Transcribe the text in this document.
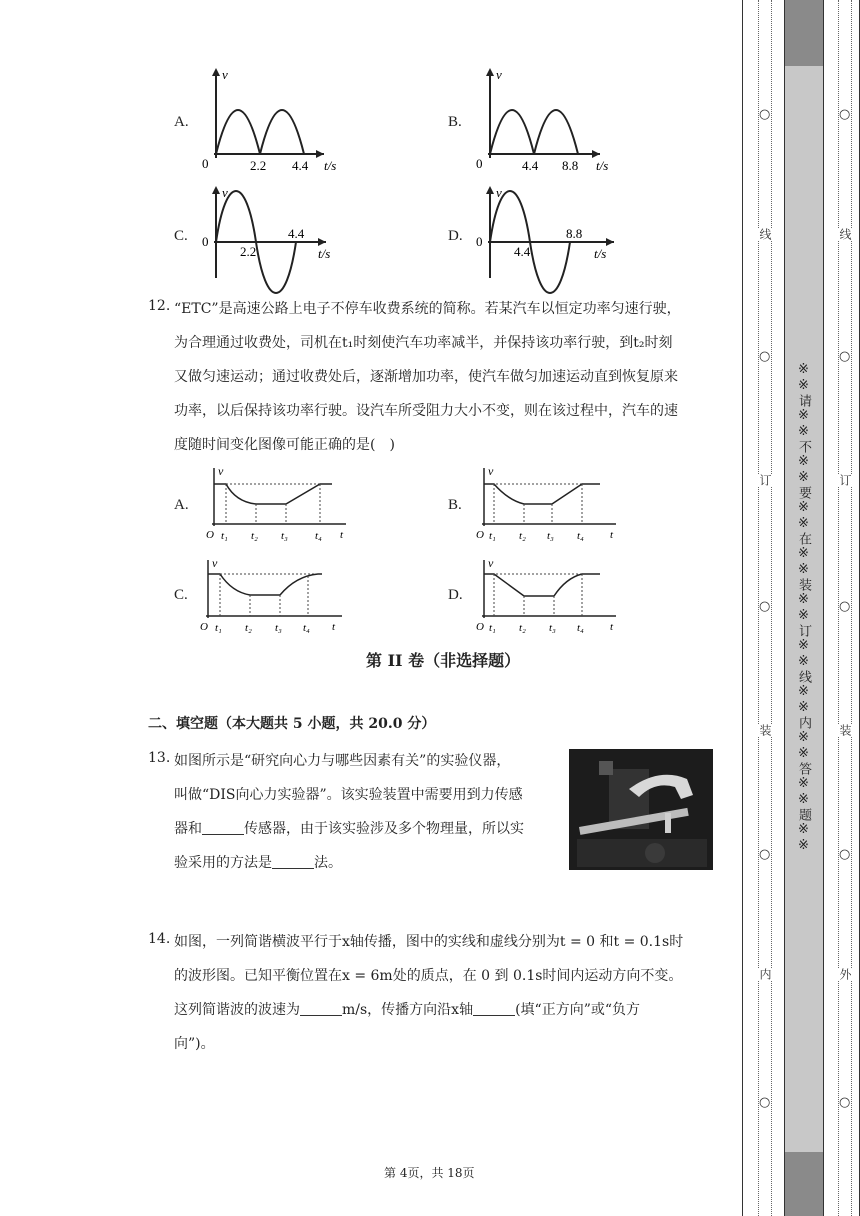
A.
v
0	2.2 4.4 t/s
B.
v
0	4.4 8.8 t/s
C.
v
0
2.2
4.4
t/s
D.
v
0
4.4
8.8
t/s
12. “ETC”是高速公路上电子不停车收费系统的简称。若某汽车以恒定功率匀速行驶，
为合理通过收费处，司机在t₁时刻使汽车功率减半，并保持该功率行驶，到t₂时刻
又做匀速运动；通过收费处后，逐渐增加功率，使汽车做匀加速运动直到恢复原来
功率，以后保持该功率行驶。设汽车所受阻力大小不变，则在该过程中，汽车的速
度随时间变化图像可能正确的是(　)
A.
v
O t₁ t₂ t₃ t₄ t
B.
v
O t₁ t₂ t₃ t₄ t
C.
v
O t₁ t₂ t₃ t₄ t
D.
v
O t₁ t₂ t₃ t₄ t
第 II 卷（非选择题）
二、填空题（本大题共 5 小题，共 20.0 分）
13. 如图所示是“研究向心力与哪些因素有关”的实验仪器，
叫做“DIS向心力实验器”。该实验装置中需要用到力传感
器和	传感器，由于该实验涉及多个物理量，所以实
验采用的方法是	法。
14. 如图，一列简谐横波平行于x轴传播，图中的实线和虚线分别为t = 0 和t = 0.1s时
的波形图。已知平衡位置在x = 6m处的质点，在 0 到 0.1s时间内运动方向不变。
这列简谐波的波速为	m/s，传播方向沿x轴	(填“正方向”或“负方
向”)。
第 4页，共 18页
○
线
○
订
○
装
○
内
○
※※请※※不※※要※※在※※装※※订※※线※※内※※答※※题※※
○
线
○
订
○
装
○
外
○
